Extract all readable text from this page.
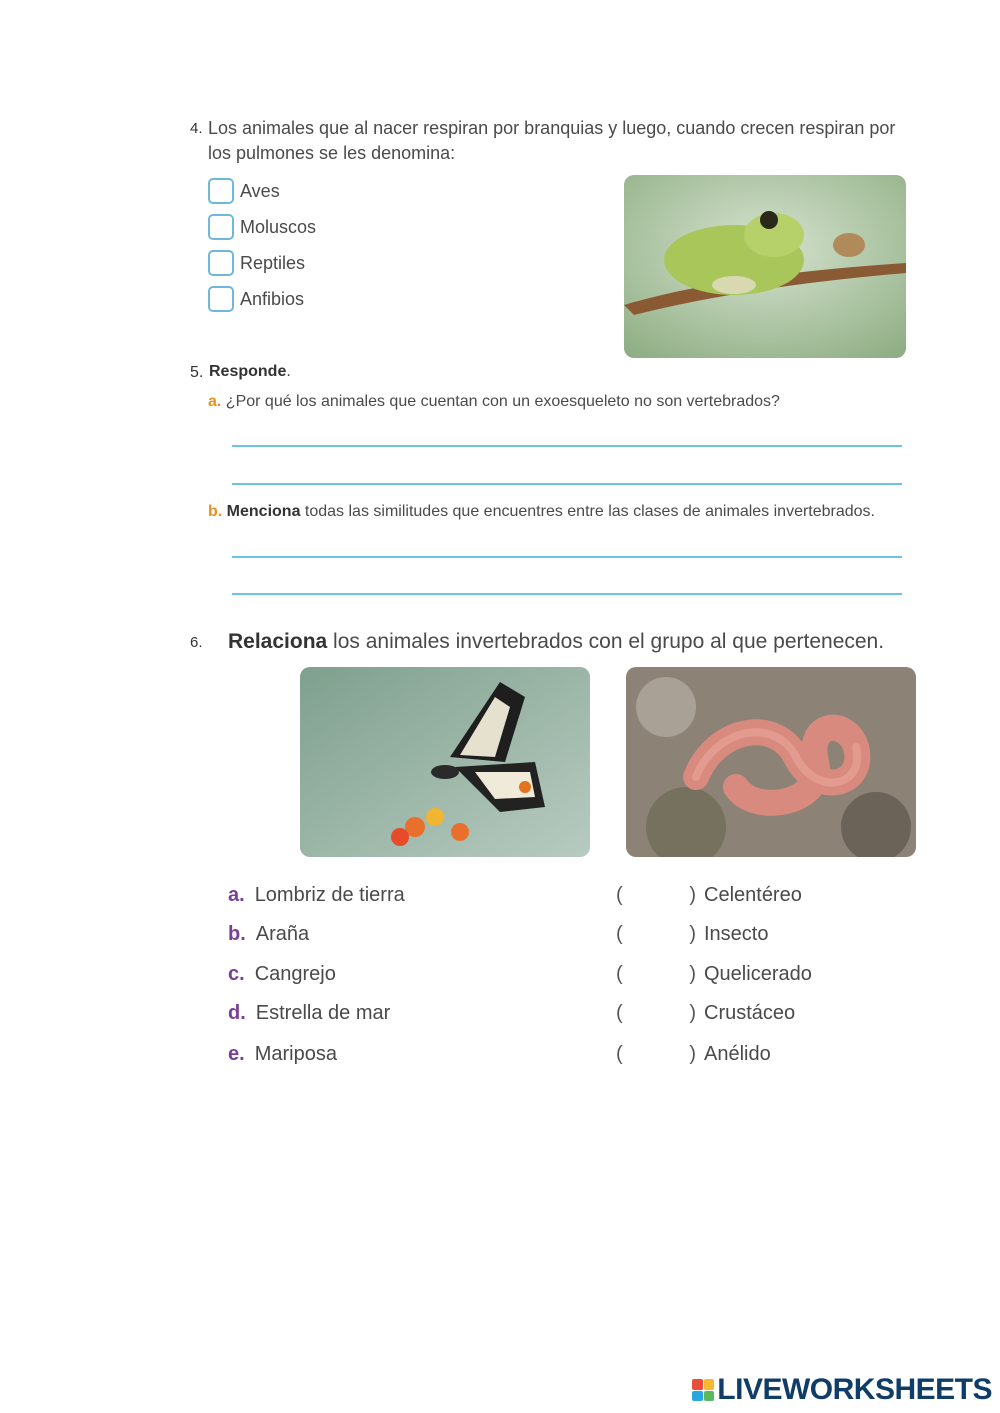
4. Los animales que al nacer respiran por branquias y luego, cuando crecen respiran por los pulmones se les denomina:
Aves
Moluscos
Reptiles
Anfibios
5. Responde.
a. ¿Por qué los animales que cuentan con un exoesqueleto no son vertebrados?
b. Menciona todas las similitudes que encuentres entre las clases de animales invertebrados.
6. Relaciona los animales invertebrados con el grupo al que pertenecen.
a. Lombriz de tierra	(	) Celentéreo
b. Araña	(	) Insecto
c. Cangrejo	(	) Quelicerado
d. Estrella de mar	(	) Crustáceo
e. Mariposa	(	) Anélido
LIVEWORKSHEETS
